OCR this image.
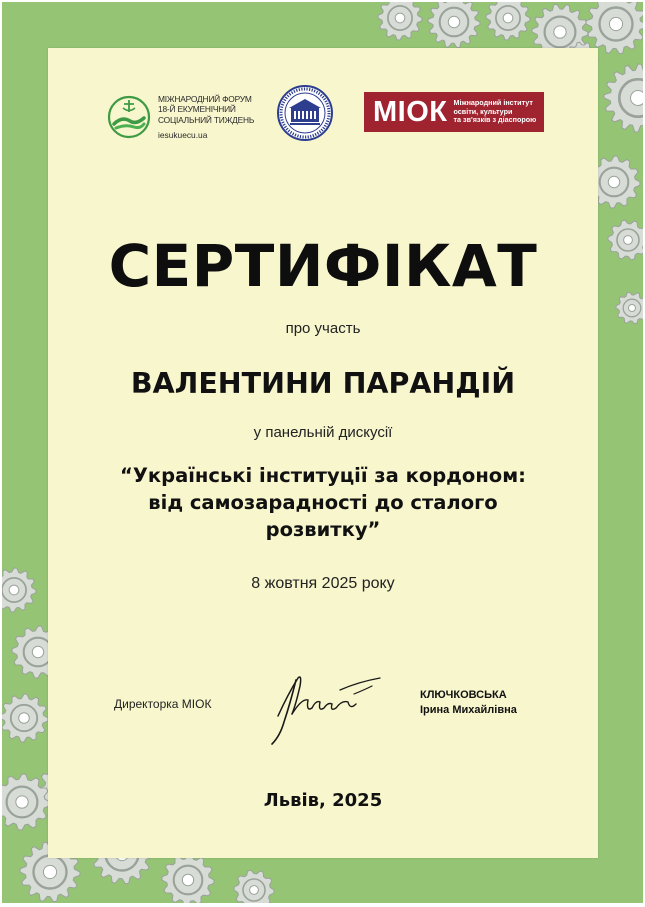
МІЖНАРОДНИЙ ФОРУМ
18-Й ЕКУМЕНІЧНИЙ
СОЦІАЛЬНИЙ ТИЖДЕНЬ
iesukuecu.ua
МІОК Міжнародний інститут
освіти, культури
та зв'язків з діаспорою
СЕРТИФІКАТ
про участь
ВАЛЕНТИНИ ПАРАНДІЙ
у панельній дискусії
“Українські інституції за кордоном:
від самозарадності до сталого
розвитку”
8 жовтня 2025 року
Директорка МІОК
КЛЮЧКОВСЬКА
Ірина Михайлівна
Львів, 2025
